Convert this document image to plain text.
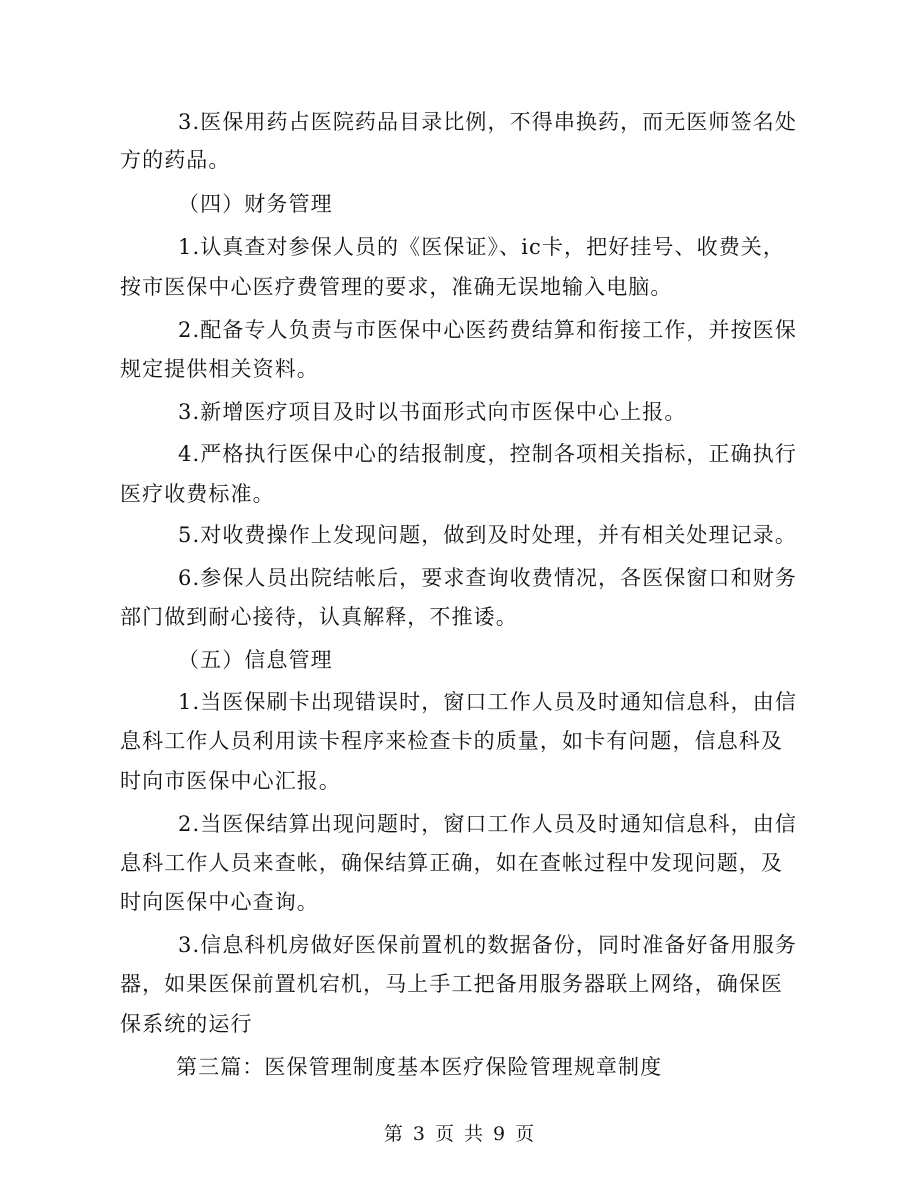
3.医保用药占医院药品目录比例，不得串换药，而无医师签名处
方的药品。
（四）财务管理
1.认真查对参保人员的《医保证》、ic卡，把好挂号、收费关，
按市医保中心医疗费管理的要求，准确无误地输入电脑。
2.配备专人负责与市医保中心医药费结算和衔接工作，并按医保
规定提供相关资料。
3.新增医疗项目及时以书面形式向市医保中心上报。
4.严格执行医保中心的结报制度，控制各项相关指标，正确执行
医疗收费标准。
5.对收费操作上发现问题，做到及时处理，并有相关处理记录。
6.参保人员出院结帐后，要求查询收费情况，各医保窗口和财务
部门做到耐心接待，认真解释，不推诿。
（五）信息管理
1.当医保刷卡出现错误时，窗口工作人员及时通知信息科，由信
息科工作人员利用读卡程序来检查卡的质量，如卡有问题，信息科及
时向市医保中心汇报。
2.当医保结算出现问题时，窗口工作人员及时通知信息科，由信
息科工作人员来查帐，确保结算正确，如在查帐过程中发现问题，及
时向医保中心查询。
3.信息科机房做好医保前置机的数据备份，同时准备好备用服务
器，如果医保前置机宕机，马上手工把备用服务器联上网络，确保医
保系统的运行
第三篇：医保管理制度基本医疗保险管理规章制度
第 3 页 共 9 页
